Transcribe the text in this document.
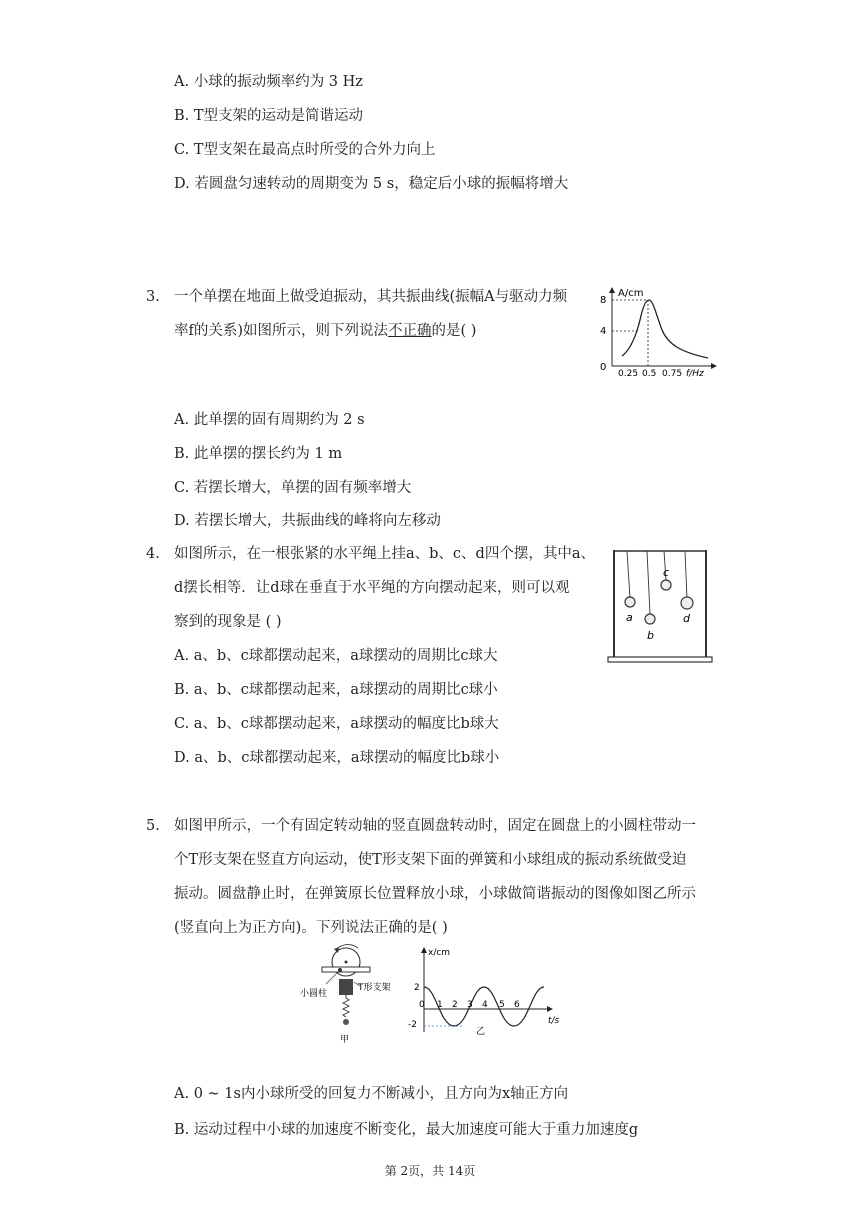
A. 小球的振动频率约为 3 Hz
B. T型支架的运动是简谐运动
C. T型支架在最高点时所受的合外力向上
D. 若圆盘匀速转动的周期变为 5 s，稳定后小球的振幅将增大
3. 一个单摆在地面上做受迫振动，其共振曲线(振幅A与驱动力频
率f的关系)如图所示，则下列说法不正确的是( )
A/cm
8
4
0
0.25 0.5 0.75 f/Hz
A. 此单摆的固有周期约为 2 s
B. 此单摆的摆长约为 1 m
C. 若摆长增大，单摆的固有频率增大
D. 若摆长增大，共振曲线的峰将向左移动
4. 如图所示，在一根张紧的水平绳上挂a、b、c、d四个摆，其中a、
d摆长相等．让d球在垂直于水平绳的方向摆动起来，则可以观
察到的现象是 ( )	a
b
c
d
A. a、b、c球都摆动起来，a球摆动的周期比c球大
B. a、b、c球都摆动起来，a球摆动的周期比c球小
C. a、b、c球都摆动起来，a球摆动的幅度比b球大
D. a、b、c球都摆动起来，a球摆动的幅度比b球小
5. 如图甲所示，一个有固定转动轴的竖直圆盘转动时，固定在圆盘上的小圆柱带动一
个T形支架在竖直方向运动，使T形支架下面的弹簧和小球组成的振动系统做受迫
振动。圆盘静止时，在弹簧原长位置释放小球，小球做简谐振动的图像如图乙所示
(竖直向上为正方向)。下列说法正确的是( )
小圆柱
T形支架
甲
x/cm
2
-2
0 1 2 3 4 5 6
t/s
乙
A. 0 ~ 1s内小球所受的回复力不断减小，且方向为x轴正方向
B. 运动过程中小球的加速度不断变化，最大加速度可能大于重力加速度g
第 2页，共 14页
